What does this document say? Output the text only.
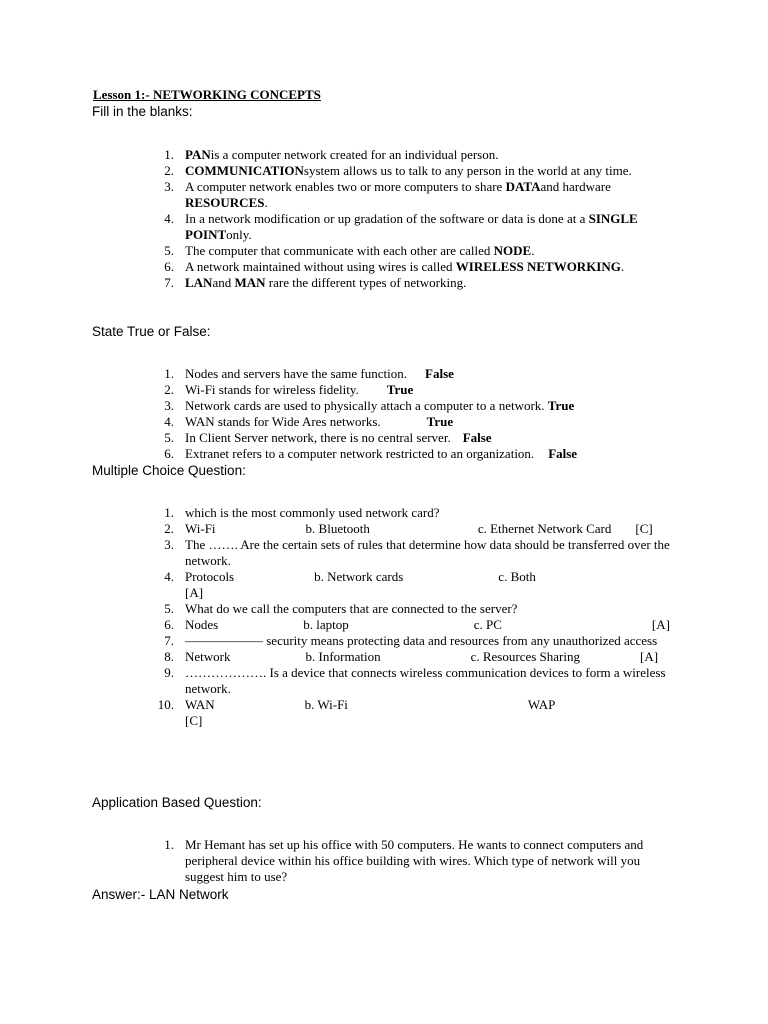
Lesson 1:- NETWORKING CONCEPTS
Fill in the blanks:
1 . PANis a computer network created for an individual person.
2 . COMMUNICATIONsystem allows us to talk to any person in the world at any time.
3 . A computer network enables two or more computers to share DATAand hardware RESOURCES.
4 . In a network modification or up gradation of the software or data is done at a SINGLE POINTonly.
5 . The computer that communicate with each other are called NODE.
6 . A network maintained without using wires is called WIRELESS NETWORKING.
7 . LANand MAN rare the different types of networking.
State True or False:
1 . Nodes and servers have the same function. False
2 . Wi-Fi stands for wireless fidelity. True
3 . Network cards are used to physically attach a computer to a network. True
4 . WAN stands for Wide Ares networks.	True
5 . In Client Server network, there is no central server. False
6 . Extranet refers to a computer network restricted to an organization. False
Multiple Choice Question:
1 . which is the most commonly used network card?
2 . Wi-Fi	b. Bluetooth	c. Ethernet Network Card [C]
3 . The ……. Are the certain sets of rules that determine how data should be transferred over the network.
4 . Protocols	b. Network cards	c. Both[A]
5 . What do we call the computers that are connected to the server?
6 . Nodes	b. laptop	c. PC	[A]
7 . ―――――― security means protecting data and resources from any unauthorized access
8 . Network	b. Information	c. Resources Sharing	[A]
9 . ………………. Is a device that connects wireless communication devices to form a wireless network.
10 . WAN	b. Wi-Fi	WAP[C]
Application Based Question:
1 . Mr Hemant has set up his office with 50 computers. He wants to connect computers and peripheral device within his office building with wires. Which type of network will you suggest him to use?
Answer:- LAN Network
